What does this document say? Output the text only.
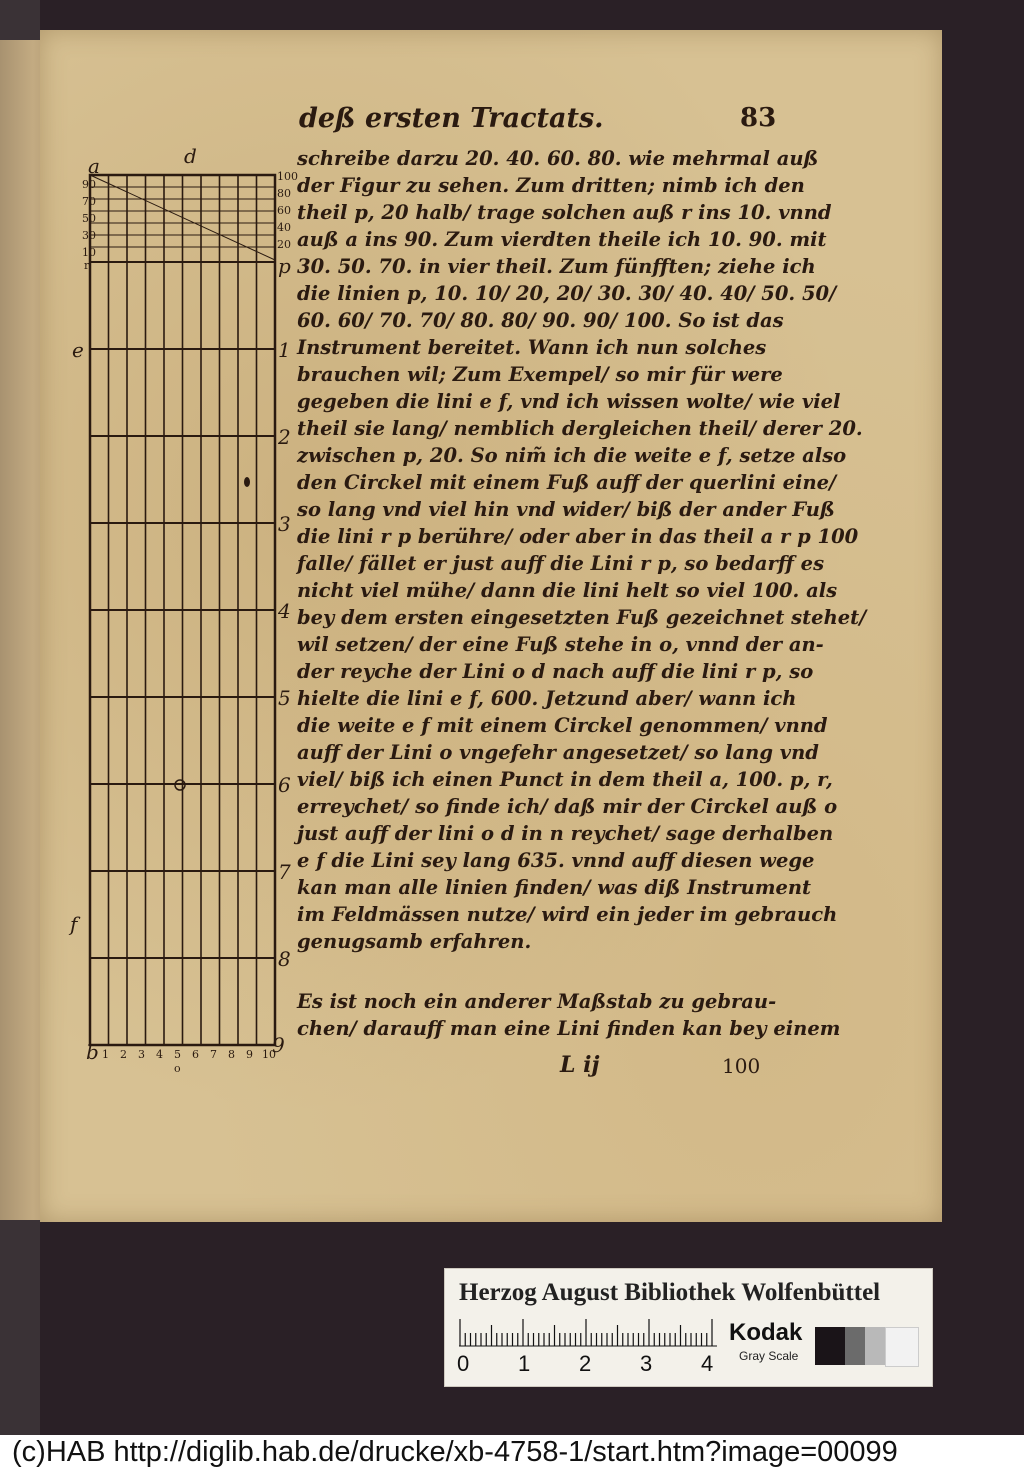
deß ersten Tractats.	83
schreibe darzu 20. 40. 60. 80. wie mehrmal auß
der Figur zu sehen. Zum dritten; nimb ich den
theil p, 20 halb/ trage solchen auß r ins 10. vnnd
auß a ins 90. Zum vierdten theile ich 10. 90. mit
30. 50. 70. in vier theil. Zum fünfften; ziehe ich
die linien p, 10. 10/ 20, 20/ 30. 30/ 40. 40/ 50. 50/
60. 60/ 70. 70/ 80. 80/ 90. 90/ 100. So ist das
Instrument bereitet. Wann ich nun solches
brauchen wil; Zum Exempel/ so mir für were
gegeben die lini e f, vnd ich wissen wolte/ wie viel
theil sie lang/ nemblich dergleichen theil/ derer 20.
zwischen p, 20. So nim̃ ich die weite e f, setze also
den Circkel mit einem Fuß auff der querlini eine/
so lang vnd viel hin vnd wider/ biß der ander Fuß
die lini r p berühre/ oder aber in das theil a r p 100
falle/ fället er just auff die Lini r p, so bedarff es
nicht viel mühe/ dann die lini helt so viel 100. als
bey dem ersten eingesetzten Fuß gezeichnet stehet/
wil setzen/ der eine Fuß stehe in o, vnnd der an-
der reyche der Lini o d nach auff die lini r p, so
hielte die lini e f, 600. Jetzund aber/ wann ich
die weite e f mit einem Circkel genommen/ vnnd
auff der Lini o vngefehr angesetzet/ so lang vnd
viel/ biß ich einen Punct in dem theil a, 100. p, r,
erreychet/ so finde ich/ daß mir der Circkel auß o
just auff der lini o d in n reychet/ sage derhalben
e f die Lini sey lang 635. vnnd auff diesen wege
kan man alle linien finden/ was diß Instrument
im Feldmässen nutze/ wird ein jeder im gebrauch
genugsamb erfahren.
Es ist noch ein anderer Maßstab zu gebrau-
chen/ darauff man eine Lini finden kan bey einem
L ij	100
a	d
90
70
50
30
10
r
100
80
60
40
20
p
1
2
3
4
5
6
7
8
9
e
f
b 1 2 3 4 5 6 7 8 9 10
o
Herzog August Bibliothek Wolfenbüttel
0 1 2 3 4
Kodak
Gray Scale
(c)HAB http://diglib.hab.de/drucke/xb-4758-1/start.htm?image=00099
